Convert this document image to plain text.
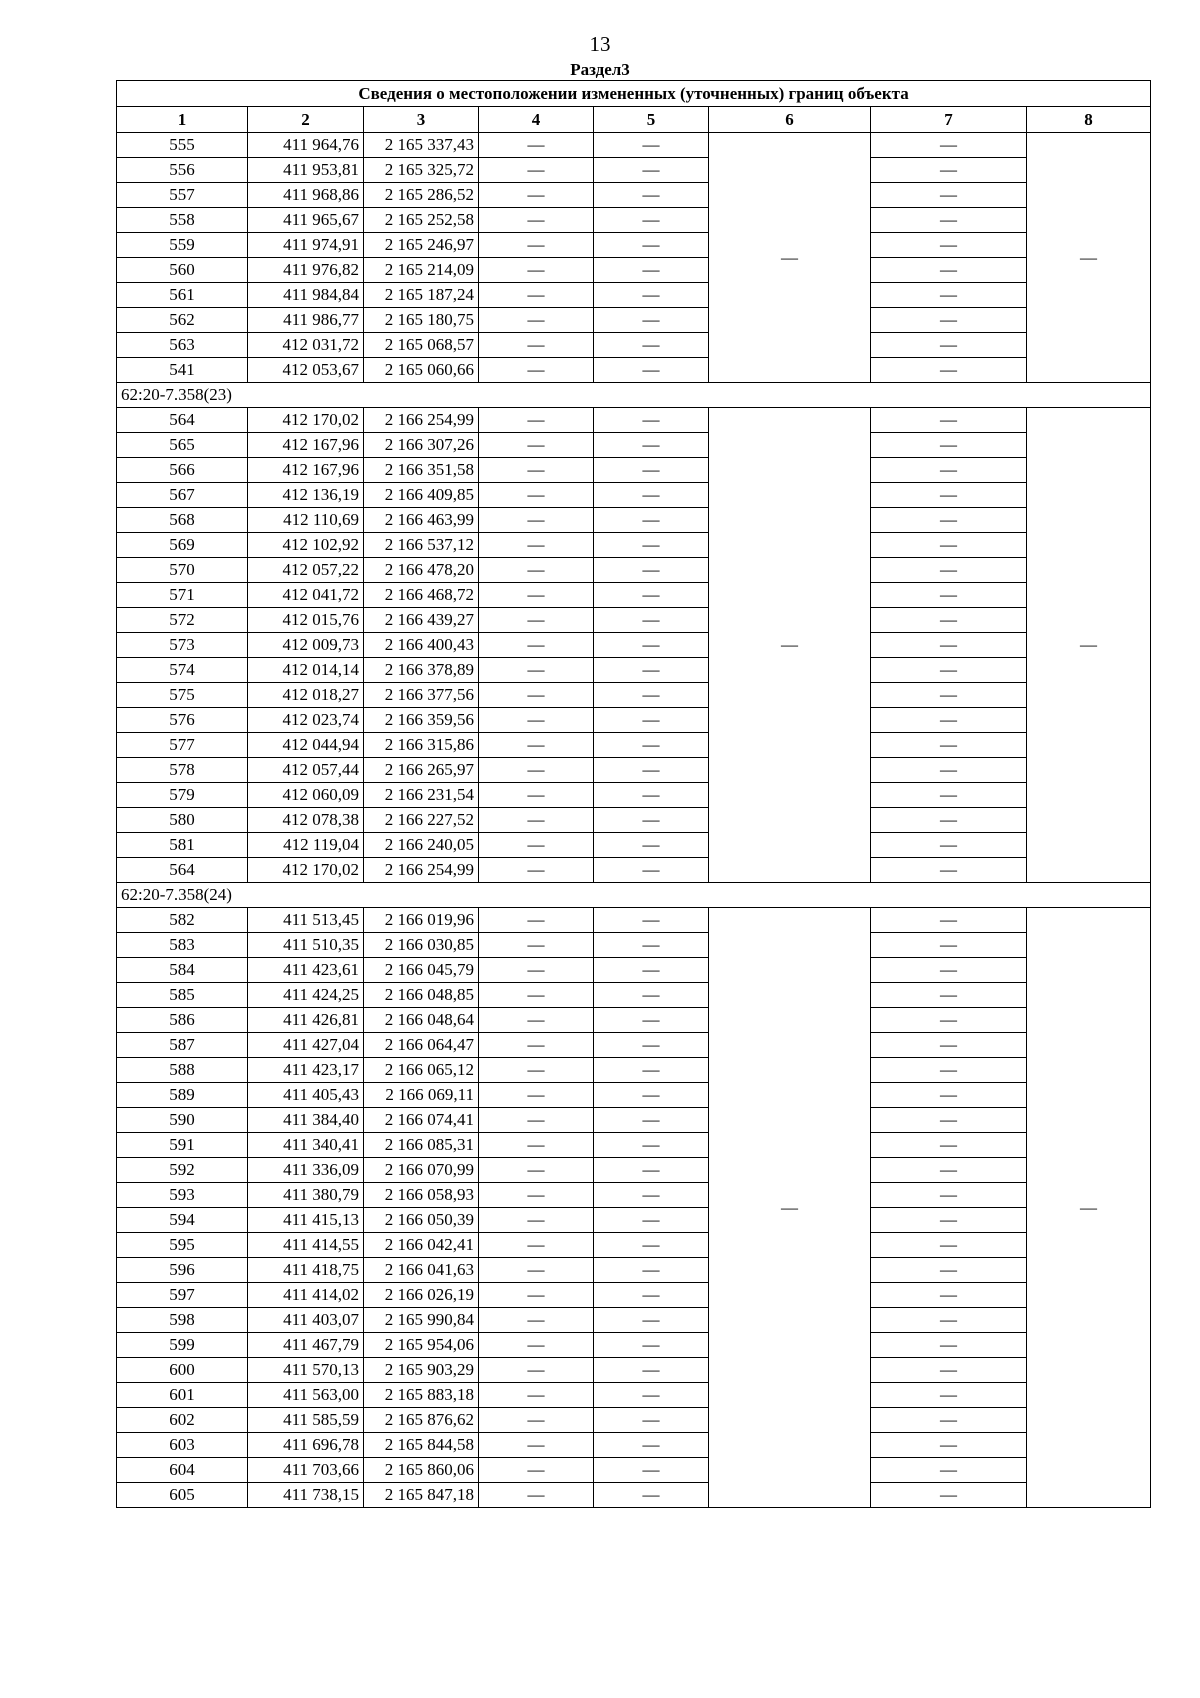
13
Раздел3
Сведения о местоположении измененных (уточненных) границ объекта							
1	2	3	4	5	6	7	8
555	411 964,76	2 165 337,43	—	—	—	—	—
556	411 953,81	2 165 325,72	—	—		—	
557	411 968,86	2 165 286,52	—	—		—	
558	411 965,67	2 165 252,58	—	—		—	
559	411 974,91	2 165 246,97	—	—		—	
560	411 976,82	2 165 214,09	—	—		—	
561	411 984,84	2 165 187,24	—	—		—	
562	411 986,77	2 165 180,75	—	—		—	
563	412 031,72	2 165 068,57	—	—		—	
541	412 053,67	2 165 060,66	—	—		—	
62:20-7.358(23)							
564	412 170,02	2 166 254,99	—	—	—	—	—
565	412 167,96	2 166 307,26	—	—		—	
566	412 167,96	2 166 351,58	—	—		—	
567	412 136,19	2 166 409,85	—	—		—	
568	412 110,69	2 166 463,99	—	—		—	
569	412 102,92	2 166 537,12	—	—		—	
570	412 057,22	2 166 478,20	—	—		—	
571	412 041,72	2 166 468,72	—	—		—	
572	412 015,76	2 166 439,27	—	—		—	
573	412 009,73	2 166 400,43	—	—		—	
574	412 014,14	2 166 378,89	—	—		—	
575	412 018,27	2 166 377,56	—	—		—	
576	412 023,74	2 166 359,56	—	—		—	
577	412 044,94	2 166 315,86	—	—		—	
578	412 057,44	2 166 265,97	—	—		—	
579	412 060,09	2 166 231,54	—	—		—	
580	412 078,38	2 166 227,52	—	—		—	
581	412 119,04	2 166 240,05	—	—		—	
564	412 170,02	2 166 254,99	—	—		—	
62:20-7.358(24)							
582	411 513,45	2 166 019,96	—	—	—	—	—
583	411 510,35	2 166 030,85	—	—		—	
584	411 423,61	2 166 045,79	—	—		—	
585	411 424,25	2 166 048,85	—	—		—	
586	411 426,81	2 166 048,64	—	—		—	
587	411 427,04	2 166 064,47	—	—		—	
588	411 423,17	2 166 065,12	—	—		—	
589	411 405,43	2 166 069,11	—	—		—	
590	411 384,40	2 166 074,41	—	—		—	
591	411 340,41	2 166 085,31	—	—		—	
592	411 336,09	2 166 070,99	—	—		—	
593	411 380,79	2 166 058,93	—	—		—	
594	411 415,13	2 166 050,39	—	—		—	
595	411 414,55	2 166 042,41	—	—		—	
596	411 418,75	2 166 041,63	—	—		—	
597	411 414,02	2 166 026,19	—	—		—	
598	411 403,07	2 165 990,84	—	—		—	
599	411 467,79	2 165 954,06	—	—		—	
600	411 570,13	2 165 903,29	—	—		—	
601	411 563,00	2 165 883,18	—	—		—	
602	411 585,59	2 165 876,62	—	—		—	
603	411 696,78	2 165 844,58	—	—		—	
604	411 703,66	2 165 860,06	—	—		—	
605	411 738,15	2 165 847,18	—	—		—	
